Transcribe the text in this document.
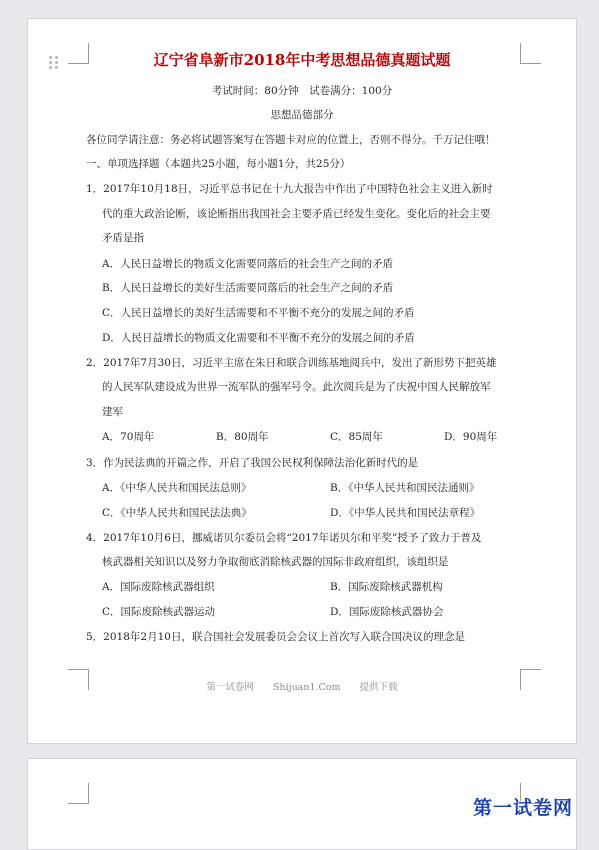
辽宁省阜新市2018年中考思想品德真题试题
考试时间：80分钟　试卷满分：100分
思想品德部分
各位同学请注意：务必将试题答案写在答题卡对应的位置上，否则不得分。千万记住哦！
一、单项选择题（本题共25小题，每小题1分，共25分）
1．2017年10月18日，习近平总书记在十九大报告中作出了中国特色社会主义进入新时
代的重大政治论断，该论断指出我国社会主要矛盾已经发生变化。变化后的社会主要
矛盾是指
A．人民日益增长的物质文化需要同落后的社会生产之间的矛盾
B．人民日益增长的美好生活需要同落后的社会生产之间的矛盾
C．人民日益增长的美好生活需要和不平衡不充分的发展之间的矛盾
D．人民日益增长的物质文化需要和不平衡不充分的发展之间的矛盾
2．2017年7月30日，习近平主席在朱日和联合训练基地阅兵中，发出了新形势下把英雄
的人民军队建设成为世界一流军队的强军号令。此次阅兵是为了庆祝中国人民解放军
建军
A．70周年	B．80周年	C．85周年	D．90周年
3．作为民法典的开篇之作，开启了我国公民权利保障法治化新时代的是
A．《中华人民共和国民法总则》	B．《中华人民共和国民法通则》
C．《中华人民共和国民法法典》	D．《中华人民共和国民法章程》
4．2017年10月6日，挪威诺贝尔委员会将“2017年诺贝尔和平奖”授予了致力于普及
核武器相关知识以及努力争取彻底消除核武器的国际非政府组织，该组织是
A．国际废除核武器组织	B．国际废除核武器机构
C．国际废除核武器运动	D．国际废除核武器协会
5．2018年2月10日，联合国社会发展委员会会议上首次写入联合国决议的理念是
第一试卷网 Shijuan1.Com 提供下载
第一试卷网
